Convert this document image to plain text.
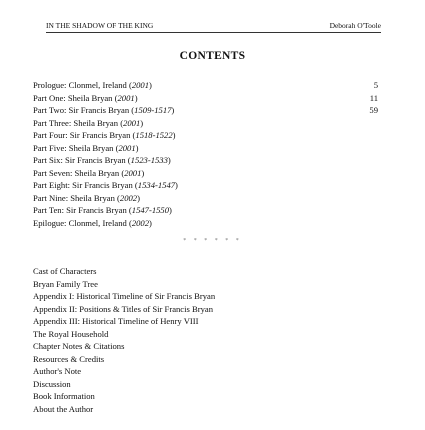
IN THE SHADOW OF THE KING	Deborah O'Toole
CONTENTS
Prologue: Clonmel, Ireland (2001)	5
Part One: Sheila Bryan (2001)	11
Part Two: Sir Francis Bryan (1509-1517)	59
Part Three: Sheila Bryan (2001)
Part Four: Sir Francis Bryan (1518-1522)
Part Five: Sheila Bryan (2001)
Part Six: Sir Francis Bryan (1523-1533)
Part Seven: Sheila Bryan (2001)
Part Eight: Sir Francis Bryan (1534-1547)
Part Nine: Sheila Bryan (2002)
Part Ten: Sir Francis Bryan (1547-1550)
Epilogue: Clonmel, Ireland (2002)
* * * * * *
Cast of Characters
Bryan Family Tree
Appendix I: Historical Timeline of Sir Francis Bryan
Appendix II: Positions & Titles of Sir Francis Bryan
Appendix III: Historical Timeline of Henry VIII
The Royal Household
Chapter Notes & Citations
Resources & Credits
Author's Note
Discussion
Book Information
About the Author
